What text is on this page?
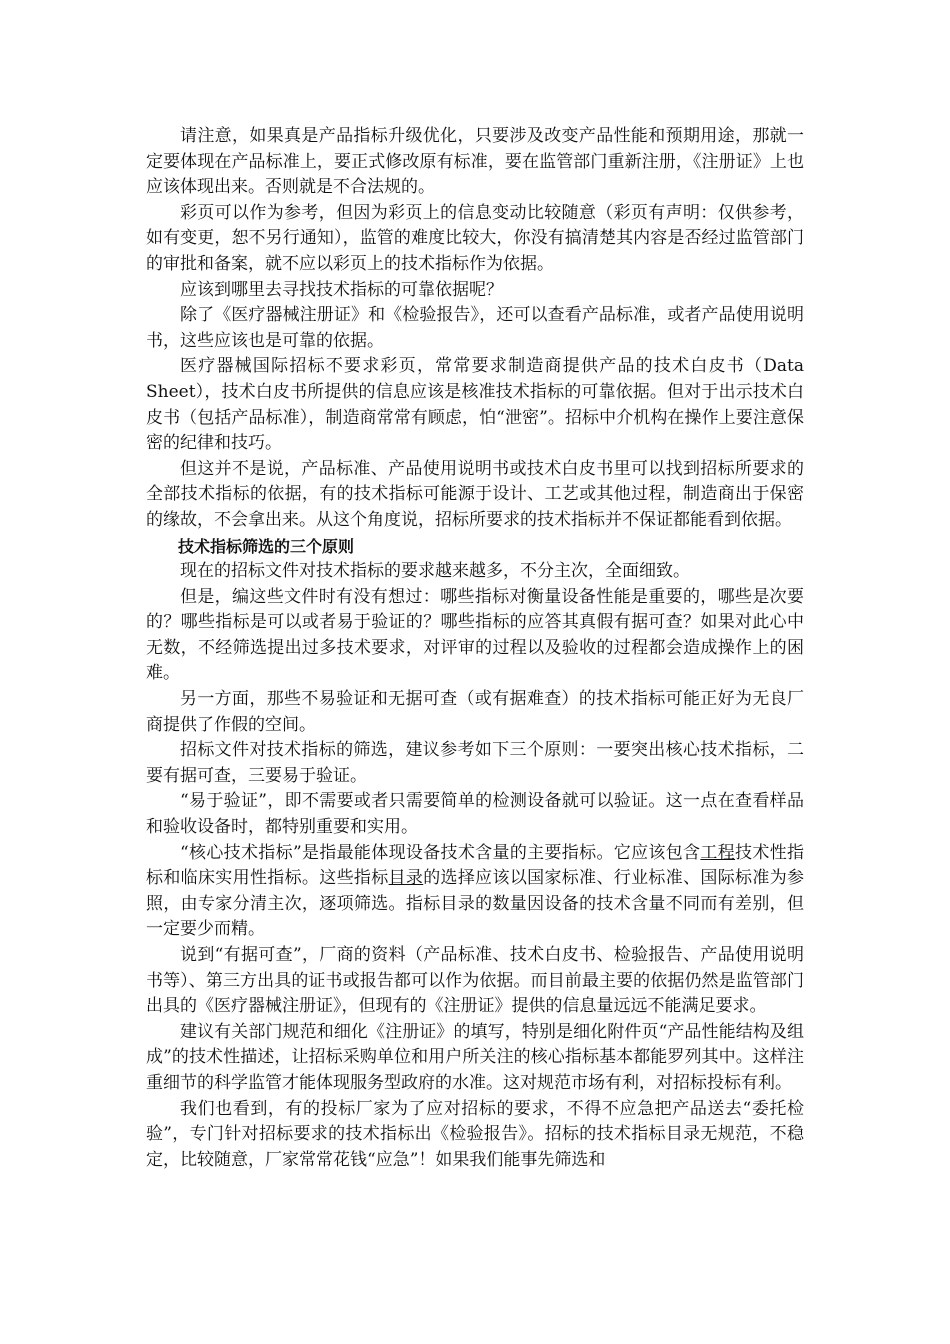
请注意，如果真是产品指标升级优化，只要涉及改变产品性能和预期用途，那就一定要体现在产品标准上，要正式修改原有标准，要在监管部门重新注册，《注册证》上也应该体现出来。否则就是不合法规的。

彩页可以作为参考，但因为彩页上的信息变动比较随意（彩页有声明：仅供参考，如有变更，恕不另行通知），监管的难度比较大，你没有搞清楚其内容是否经过监管部门的审批和备案，就不应以彩页上的技术指标作为依据。

应该到哪里去寻找技术指标的可靠依据呢？

除了《医疗器械注册证》和《检验报告》，还可以查看产品标准，或者产品使用说明书，这些应该也是可靠的依据。

医疗器械国际招标不要求彩页，常常要求制造商提供产品的技术白皮书（Data Sheet），技术白皮书所提供的信息应该是核准技术指标的可靠依据。但对于出示技术白皮书（包括产品标准），制造商常常有顾虑，怕“泄密”。招标中介机构在操作上要注意保密的纪律和技巧。

但这并不是说，产品标准、产品使用说明书或技术白皮书里可以找到招标所要求的全部技术指标的依据，有的技术指标可能源于设计、工艺或其他过程，制造商出于保密的缘故，不会拿出来。从这个角度说，招标所要求的技术指标并不保证都能看到依据。

技术指标筛选的三个原则

现在的招标文件对技术指标的要求越来越多，不分主次，全面细致。

但是，编这些文件时有没有想过：哪些指标对衡量设备性能是重要的，哪些是次要的？哪些指标是可以或者易于验证的？哪些指标的应答其真假有据可查？如果对此心中无数，不经筛选提出过多技术要求，对评审的过程以及验收的过程都会造成操作上的困难。

另一方面，那些不易验证和无据可查（或有据难查）的技术指标可能正好为无良厂商提供了作假的空间。

招标文件对技术指标的筛选，建议参考如下三个原则：一要突出核心技术指标，二要有据可查，三要易于验证。

“易于验证”，即不需要或者只需要简单的检测设备就可以验证。这一点在查看样品和验收设备时，都特别重要和实用。

“核心技术指标”是指最能体现设备技术含量的主要指标。它应该包含工程技术性指标和临床实用性指标。这些指标目录的选择应该以国家标准、行业标准、国际标准为参照，由专家分清主次，逐项筛选。指标目录的数量因设备的技术含量不同而有差别，但一定要少而精。

说到“有据可查”，厂商的资料（产品标准、技术白皮书、检验报告、产品使用说明书等）、第三方出具的证书或报告都可以作为依据。而目前最主要的依据仍然是监管部门出具的《医疗器械注册证》，但现有的《注册证》提供的信息量远远不能满足要求。

建议有关部门规范和细化《注册证》的填写，特别是细化附件页“产品性能结构及组成”的技术性描述，让招标采购单位和用户所关注的核心指标基本都能罗列其中。这样注重细节的科学监管才能体现服务型政府的水准。这对规范市场有利，对招标投标有利。

我们也看到，有的投标厂家为了应对招标的要求，不得不应急把产品送去“委托检验”，专门针对招标要求的技术指标出《检验报告》。招标的技术指标目录无规范，不稳定，比较随意，厂家常常花钱“应急”！如果我们能事先筛选和
